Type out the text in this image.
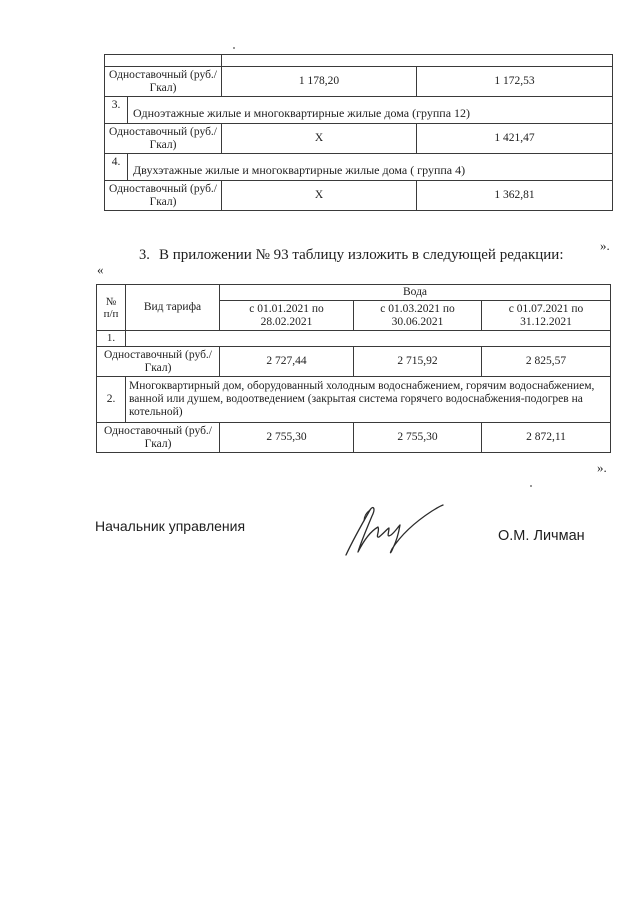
Одноставочный (руб./Гкал)	1 178,20	1 172,53

3.
Одноэтажные жилые и многоквартирные жилые дома (группа 12)		

Одноставочный (руб./Гкал)	Х	1 421,47

4.
Двухэтажные жилые и многоквартирные жилые дома ( группа 4)		

Одноставочный (руб./Гкал)	Х	1 362,81
».
3. В приложении № 93 таблицу изложить в следующей редакции:
«
№ п/п	Вид тарифа	Вода		
		с 01.01.2021 по 28.02.2021	с 01.03.2021 по 30.06.2021	с 01.07.2021 по 31.12.2021
1.				
Одноставочный (руб./Гкал)		2 727,44	2 715,92	2 825,57
2.	Многоквартирный дом, оборудованный холодным водоснабжением, горячим водоснабжением, ванной или душем, водоотведением (закрытая система горячего водоснабжения-подогрев на котельной)			
Одноставочный (руб./Гкал)		2 755,30	2 755,30	2 872,11
».
Начальник управления
О.М. Личман
